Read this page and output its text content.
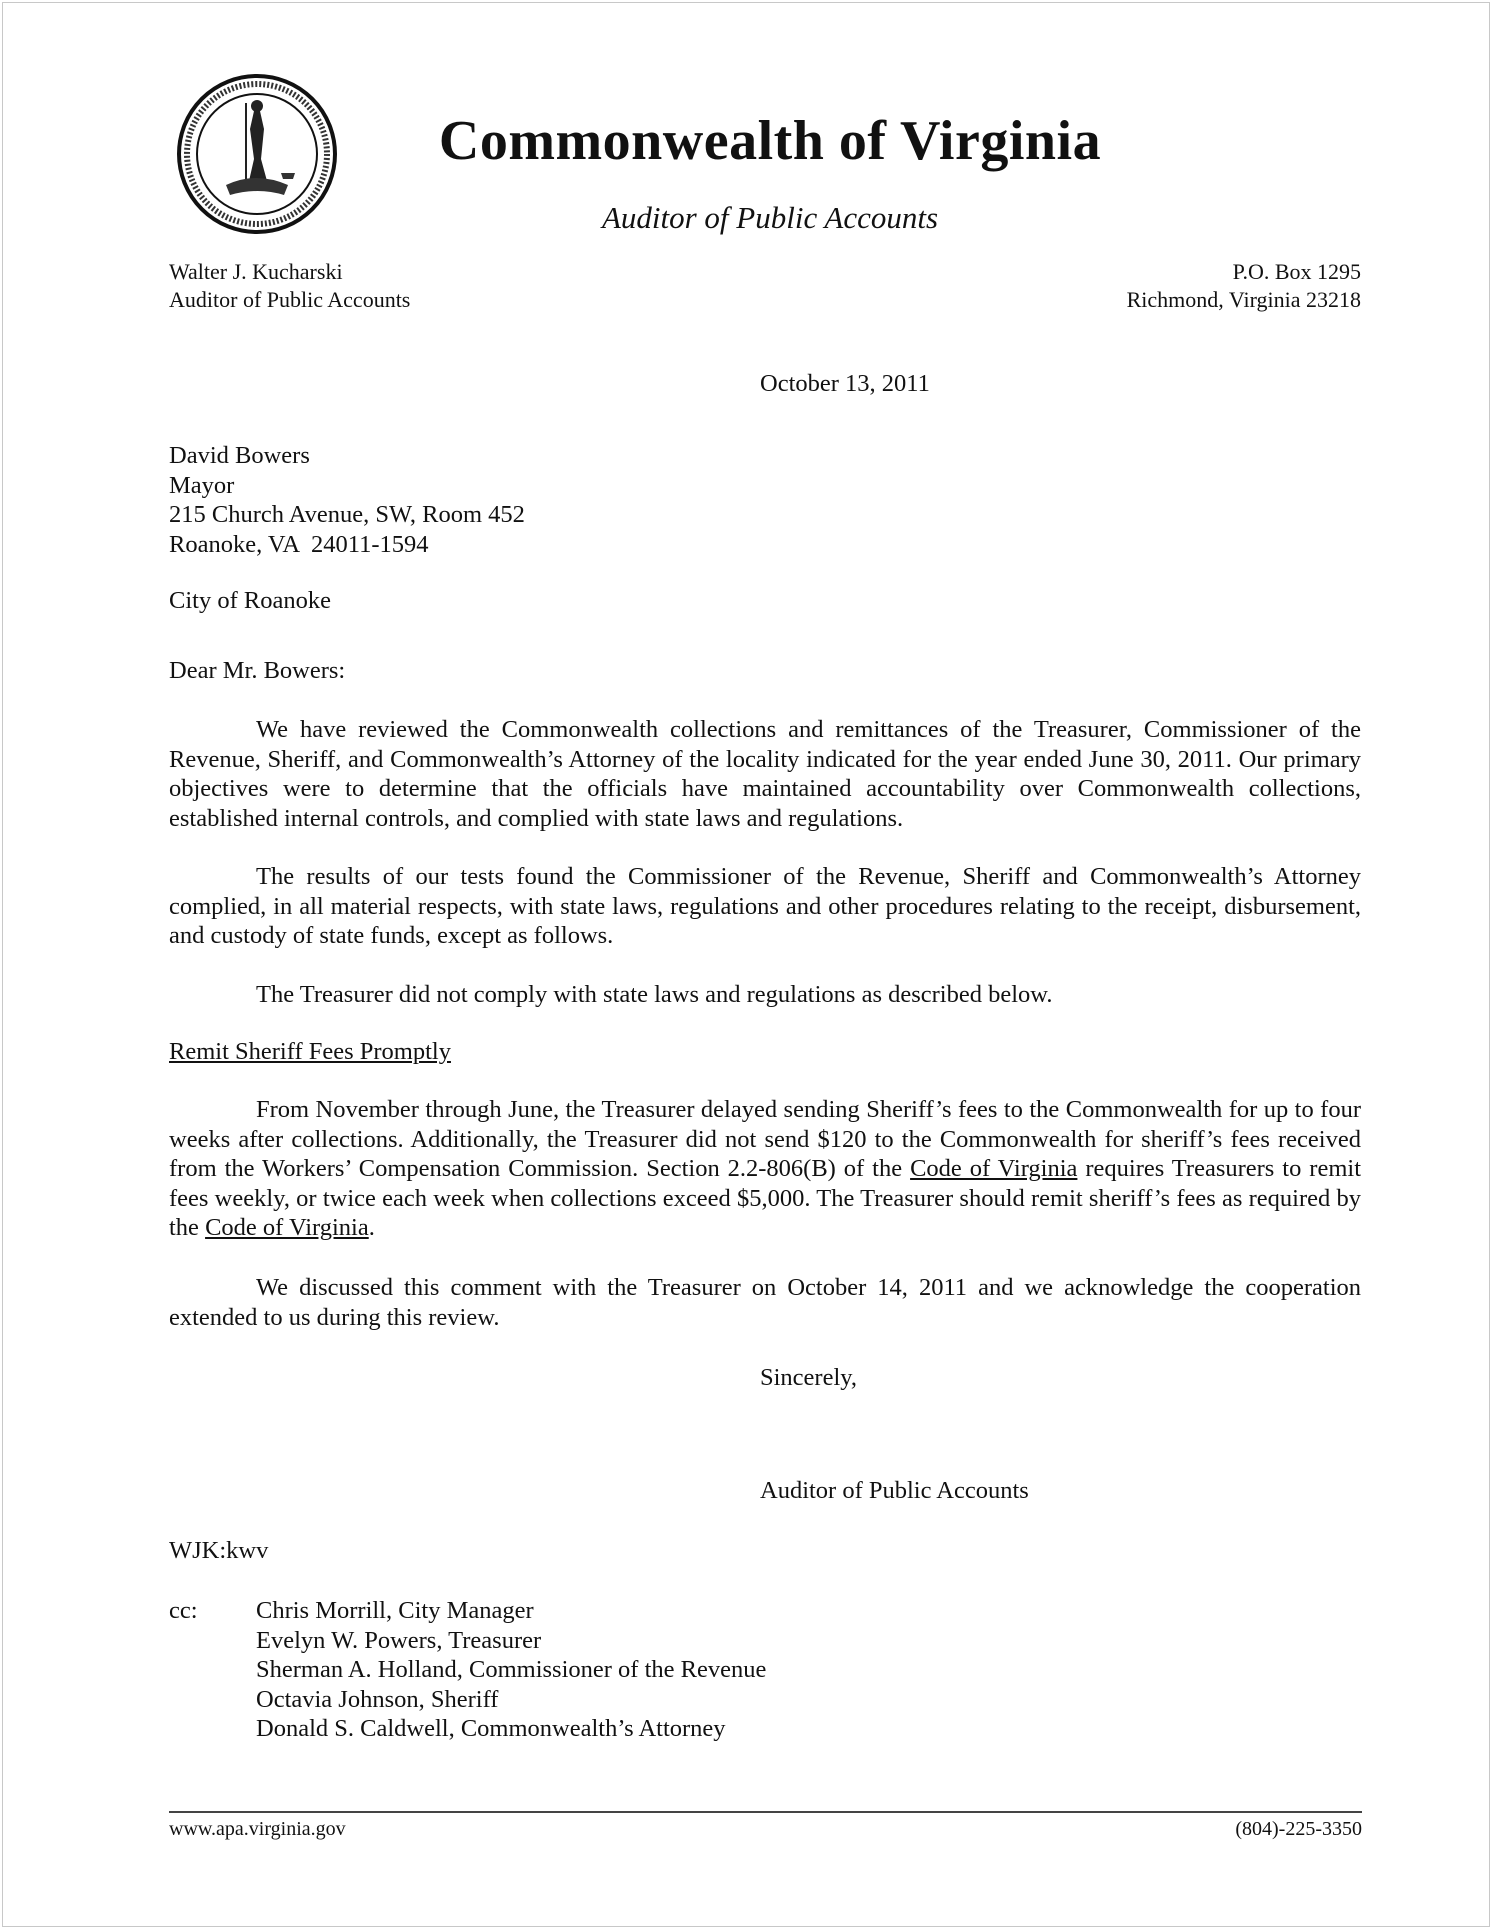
Commonwealth of Virginia
Auditor of Public Accounts
Walter J. Kucharski
Auditor of Public Accounts
P.O. Box 1295
Richmond, Virginia 23218
October 13, 2011
David Bowers
Mayor
215 Church Avenue, SW, Room 452
Roanoke, VA  24011-1594
City of Roanoke
Dear Mr. Bowers:
We have reviewed the Commonwealth collections and remittances of the Treasurer, Commissioner of the Revenue, Sheriff, and Commonwealth’s Attorney of the locality indicated for the year ended June 30, 2011. Our primary objectives were to determine that the officials have maintained accountability over Commonwealth collections, established internal controls, and complied with state laws and regulations.
The results of our tests found the Commissioner of the Revenue, Sheriff and Commonwealth’s Attorney complied, in all material respects, with state laws, regulations and other procedures relating to the receipt, disbursement, and custody of state funds, except as follows.
The Treasurer did not comply with state laws and regulations as described below.
Remit Sheriff Fees Promptly
From November through June, the Treasurer delayed sending Sheriff’s fees to the Commonwealth for up to four weeks after collections. Additionally, the Treasurer did not send $120 to the Commonwealth for sheriff’s fees received from the Workers’ Compensation Commission. Section 2.2-806(B) of the Code of Virginia requires Treasurers to remit fees weekly, or twice each week when collections exceed $5,000. The Treasurer should remit sheriff’s fees as required by the Code of Virginia.
We discussed this comment with the Treasurer on October 14, 2011 and we acknowledge the cooperation extended to us during this review.
Sincerely,
Auditor of Public Accounts
WJK:kwv
cc: Chris Morrill, City Manager
Evelyn W. Powers, Treasurer
Sherman A. Holland, Commissioner of the Revenue
Octavia Johnson, Sheriff
Donald S. Caldwell, Commonwealth’s Attorney
www.apa.virginia.gov	(804)-225-3350
